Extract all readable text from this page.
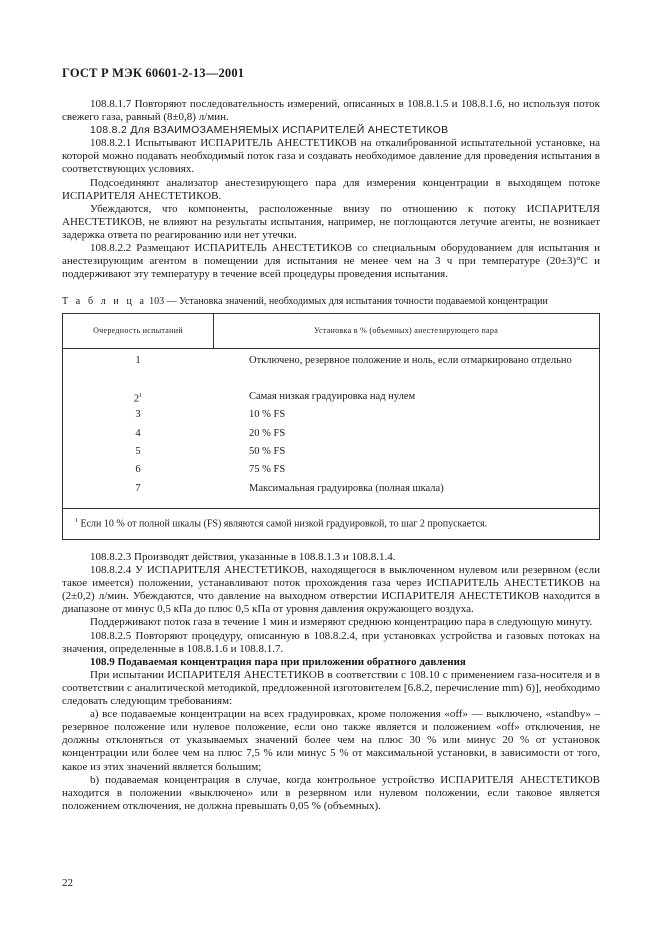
ГОСТ Р МЭК 60601-2-13—2001

108.8.1.7 Повторяют последовательность измерений, описанных в 108.8.1.5 и 108.8.1.6, но используя поток свежего газа, равный (8±0,8) л/мин.

108.8.2 Для ВЗАИМОЗАМЕНЯЕМЫХ ИСПАРИТЕЛЕЙ АНЕСТЕТИКОВ

108.8.2.1 Испытывают ИСПАРИТЕЛЬ АНЕСТЕТИКОВ на откалиброванной испытательной установке, на которой можно подавать необходимый поток газа и создавать необходимое давление для проведения испытания в соответствующих условиях.

Подсоединяют анализатор анестезирующего пара для измерения концентрации в выходящем потоке ИСПАРИТЕЛЯ АНЕСТЕТИКОВ.

Убеждаются, что компоненты, расположенные внизу по отношению к потоку ИСПАРИТЕЛЯ АНЕСТЕТИКОВ, не влияют на результаты испытания, например, не поглощаются летучие агенты, не возникает задержка ответа по реагированию или нет утечки.

108.8.2.2 Размещают ИСПАРИТЕЛЬ АНЕСТЕТИКОВ со специальным оборудованием для испытания и анестезирующим агентом в помещении для испытания не менее чем на 3 ч при температуре (20±3)°С и поддерживают эту температуру в течение всей процедуры проведения испытания.

Т а б л и ц а 103 — Установка значений, необходимых для испытания точности подаваемой концентрации
Очередность испытаний	Установка в % (объемных) анестезирующего пара
1	Отключено, резервное положение и ноль, если отмаркировано отдельно
$2^1$	Самая низкая градуировка над нулем
3	10 % FS
4	20 % FS
5	50 % FS
6	75 % FS
7	Максимальная градуировка (полная шкала)
$^1$ Если 10 % от полной шкалы (FS) являются самой низкой градуировкой, то шаг 2 пропускается.

108.8.2.3 Производят действия, указанные в 108.8.1.3 и 108.8.1.4.

108.8.2.4 У ИСПАРИТЕЛЯ АНЕСТЕТИКОВ, находящегося в выключенном нулевом или резервном (если такое имеется) положении, устанавливают поток прохождения газа через ИСПАРИТЕЛЬ АНЕСТЕТИКОВ на (2±0,2) л/мин. Убеждаются, что давление на выходном отверстии ИСПАРИТЕЛЯ АНЕСТЕТИКОВ находится в диапазоне от минус 0,5 кПа до плюс 0,5 кПа от уровня давления окружающего воздуха.

Поддерживают поток газа в течение 1 мин и измеряют среднюю концентрацию пара в следующую минуту.

108.8.2.5 Повторяют процедуру, описанную в 108.8.2.4, при установках устройства и газовых потоках на значения, определенные в 108.8.1.6 и 108.8.1.7.

108.9 Подаваемая концентрация пара при приложении обратного давления

При испытании ИСПАРИТЕЛЯ АНЕСТЕТИКОВ в соответствии с 108.10 с применением газа-носителя и в соответствии с аналитической методикой, предложенной изготовителем [6.8.2, перечисление mm) 6)], необходимо следовать следующим требованиям:

а) все подаваемые концентрации на всех градуировках, кроме положения «off» — выключено, «standby» – резервное положение или нулевое положение, если оно также является и положением «off» отключения, не должны отклоняться от указываемых значений более чем на плюс 30 % или минус 20 % от установок концентрации или более чем на плюс 7,5 % или минус 5 % от максимальной установки, в зависимости от того, какое из этих значений является большим;

b) подаваемая концентрация в случае, когда контрольное устройство ИСПАРИТЕЛЯ АНЕСТЕТИКОВ находится в положении «выключено» или в резервном или нулевом положении, если таковое является положением отключения, не должна превышать 0,05 % (объемных).

22
